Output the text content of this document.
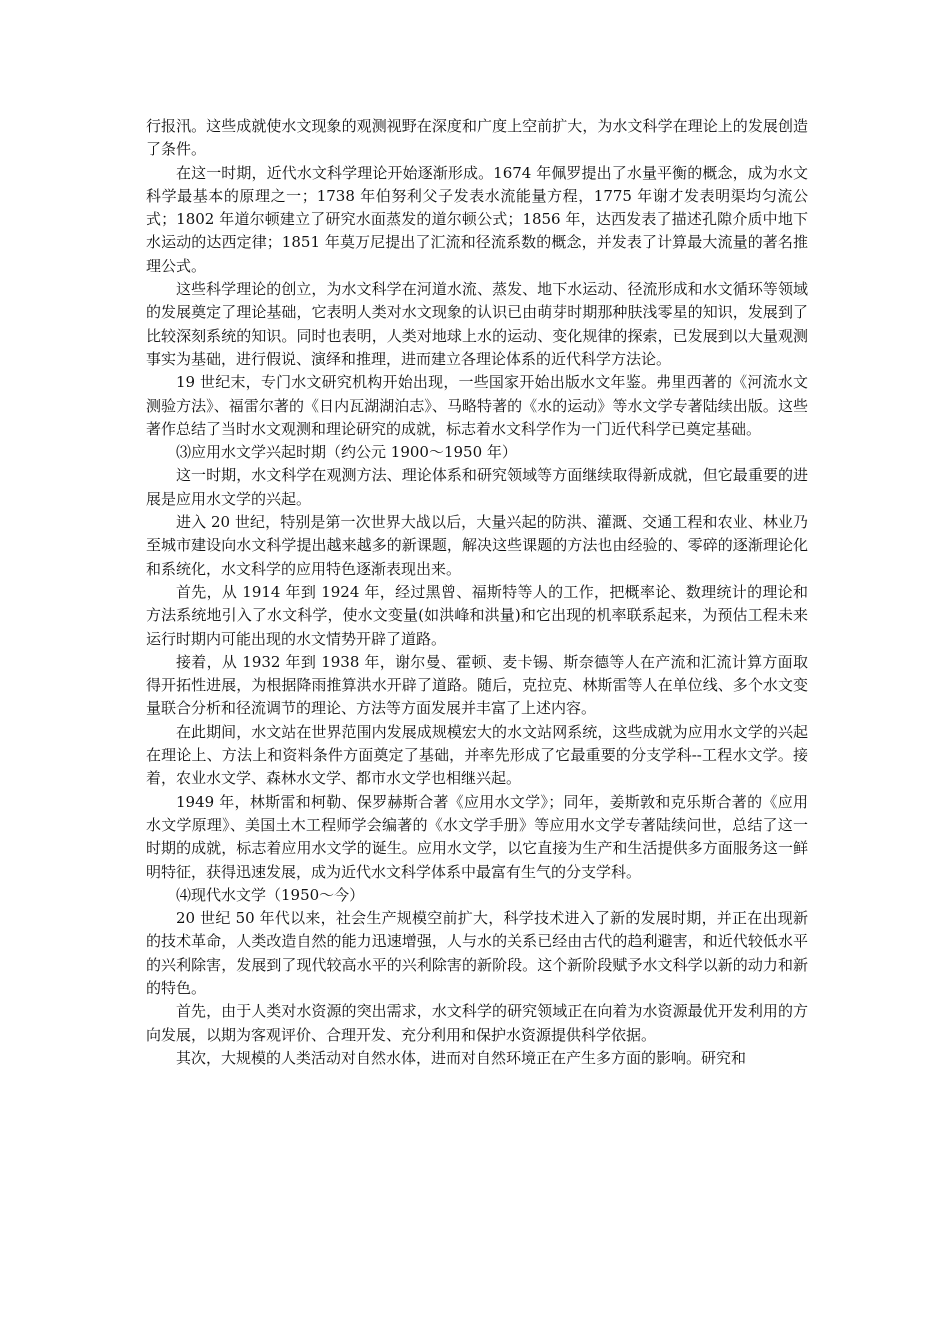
行报汛。这些成就使水文现象的观测视野在深度和广度上空前扩大，为水文科学在理论上的发展创造了条件。

在这一时期，近代水文科学理论开始逐渐形成。1674 年佩罗提出了水量平衡的概念，成为水文科学最基本的原理之一；1738 年伯努利父子发表水流能量方程，1775 年谢才发表明渠均匀流公式；1802 年道尔顿建立了研究水面蒸发的道尔顿公式；1856 年，达西发表了描述孔隙介质中地下水运动的达西定律；1851 年莫万尼提出了汇流和径流系数的概念，并发表了计算最大流量的著名推理公式。

这些科学理论的创立，为水文科学在河道水流、蒸发、地下水运动、径流形成和水文循环等领域的发展奠定了理论基础，它表明人类对水文现象的认识已由萌芽时期那种肤浅零星的知识，发展到了比较深刻系统的知识。同时也表明，人类对地球上水的运动、变化规律的探索，已发展到以大量观测事实为基础，进行假说、演绎和推理，进而建立各理论体系的近代科学方法论。

19 世纪末，专门水文研究机构开始出现，一些国家开始出版水文年鉴。弗里西著的《河流水文测验方法》、福雷尔著的《日内瓦湖湖泊志》、马略特著的《水的运动》等水文学专著陆续出版。这些著作总结了当时水文观测和理论研究的成就，标志着水文科学作为一门近代科学已奠定基础。

⑶应用水文学兴起时期（约公元 1900～1950 年）

这一时期，水文科学在观测方法、理论体系和研究领域等方面继续取得新成就，但它最重要的进展是应用水文学的兴起。

进入 20 世纪，特别是第一次世界大战以后，大量兴起的防洪、灌溉、交通工程和农业、林业乃至城市建设向水文科学提出越来越多的新课题，解决这些课题的方法也由经验的、零碎的逐渐理论化和系统化，水文科学的应用特色逐渐表现出来。

首先，从 1914 年到 1924 年，经过黑曾、福斯特等人的工作，把概率论、数理统计的理论和方法系统地引入了水文科学，使水文变量(如洪峰和洪量)和它出现的机率联系起来，为预估工程未来运行时期内可能出现的水文情势开辟了道路。

接着，从 1932 年到 1938 年，谢尔曼、霍顿、麦卡锡、斯奈德等人在产流和汇流计算方面取得开拓性进展，为根据降雨推算洪水开辟了道路。随后，克拉克、林斯雷等人在单位线、多个水文变量联合分析和径流调节的理论、方法等方面发展并丰富了上述内容。

在此期间，水文站在世界范围内发展成规模宏大的水文站网系统，这些成就为应用水文学的兴起在理论上、方法上和资料条件方面奠定了基础，并率先形成了它最重要的分支学科--工程水文学。接着，农业水文学、森林水文学、都市水文学也相继兴起。

1949 年，林斯雷和柯勒、保罗赫斯合著《应用水文学》；同年，姜斯敦和克乐斯合著的《应用水文学原理》、美国土木工程师学会编著的《水文学手册》等应用水文学专著陆续问世，总结了这一时期的成就，标志着应用水文学的诞生。应用水文学，以它直接为生产和生活提供多方面服务这一鲜明特征，获得迅速发展，成为近代水文科学体系中最富有生气的分支学科。

⑷现代水文学（1950～今）

20 世纪 50 年代以来，社会生产规模空前扩大，科学技术进入了新的发展时期，并正在出现新的技术革命，人类改造自然的能力迅速增强，人与水的关系已经由古代的趋利避害，和近代较低水平的兴利除害，发展到了现代较高水平的兴利除害的新阶段。这个新阶段赋予水文科学以新的动力和新的特色。

首先，由于人类对水资源的突出需求，水文科学的研究领域正在向着为水资源最优开发利用的方向发展，以期为客观评价、合理开发、充分利用和保护水资源提供科学依据。

其次，大规模的人类活动对自然水体，进而对自然环境正在产生多方面的影响。研究和
